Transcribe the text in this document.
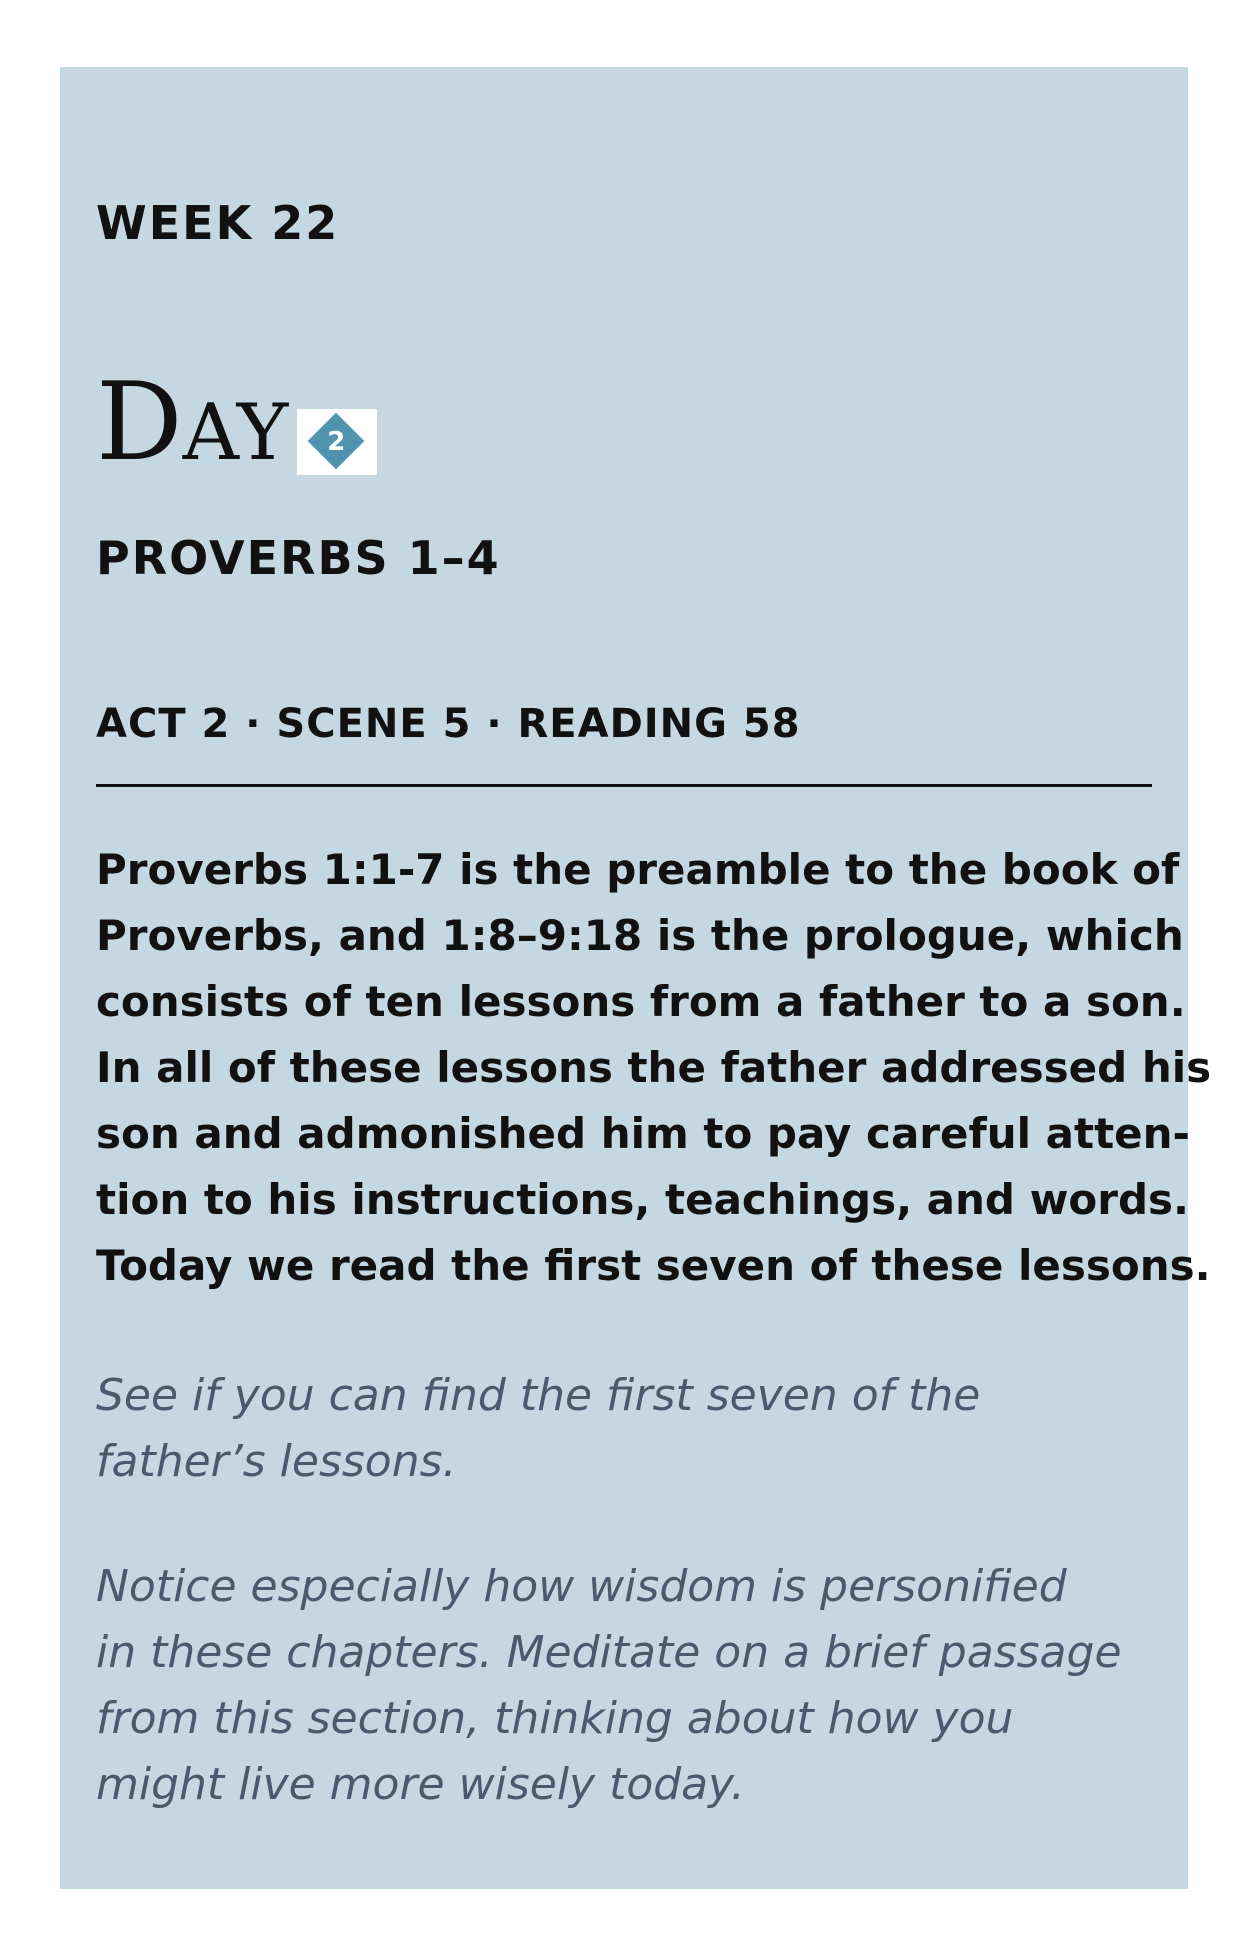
WEEK 22
DAY	2
PROVERBS 1–4
ACT 2 · SCENE 5 · READING 58
Proverbs 1:1-7 is the preamble to the book of
Proverbs, and 1:8–9:18 is the prologue, which
consists of ten lessons from a father to a son.
In all of these lessons the father addressed his
son and admonished him to pay careful atten-
tion to his instructions, teachings, and words.
Today we read the first seven of these lessons.
See if you can find the first seven of the
father’s lessons.
Notice especially how wisdom is personified
in these chapters. Meditate on a brief passage
from this section, thinking about how you
might live more wisely today.
